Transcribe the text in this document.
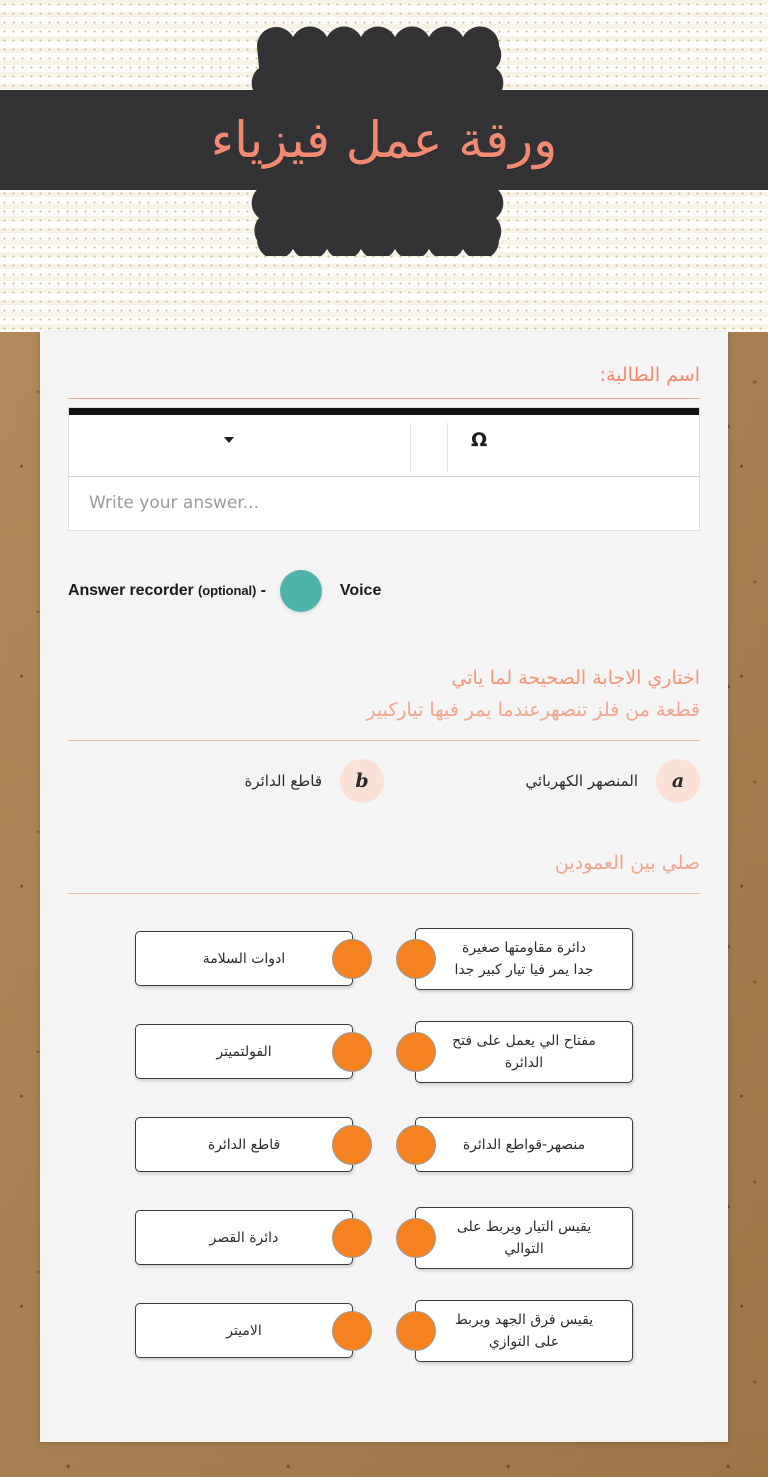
ورقة عمل فيزياء
اسم الطالبة:
Ω
Write your answer...
Answer recorder (optional) -	Voice
اختاري الاجابة الصحيحة لما ياتي
قطعة من فلز تنصهرعندما يمر فيها تياركبير
a
المنصهر الكهربائي
b
قاطع الدائرة
صلي بين العمودين
دائرة مقاومتها صغيرة جدا يمر فيا تيار كبير جدا
ادوات السلامة
مفتاح الي يعمل على فتح الدائرة
الفولتميتر
منصهر-قواطع الدائرة
قاطع الدائرة
يقيس التيار ويربط على التوالي
دائرة القصر
يقيس فرق الجهد ويربط على التوازي
الاميتر
